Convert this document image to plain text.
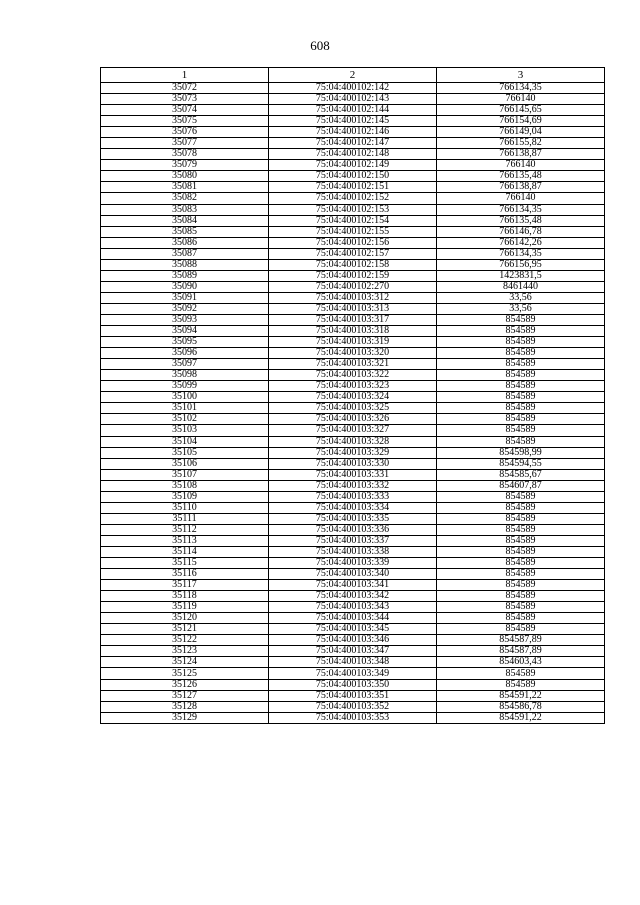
608
1	2	3
35072	75:04:400102:142	766134,35
35073	75:04:400102:143	766140
35074	75:04:400102:144	766145,65
35075	75:04:400102:145	766154,69
35076	75:04:400102:146	766149,04
35077	75:04:400102:147	766155,82
35078	75:04:400102:148	766138,87
35079	75:04:400102:149	766140
35080	75:04:400102:150	766135,48
35081	75:04:400102:151	766138,87
35082	75:04:400102:152	766140
35083	75:04:400102:153	766134,35
35084	75:04:400102:154	766135,48
35085	75:04:400102:155	766146,78
35086	75:04:400102:156	766142,26
35087	75:04:400102:157	766134,35
35088	75:04:400102:158	766156,95
35089	75:04:400102:159	1423831,5
35090	75:04:400102:270	8461440
35091	75:04:400103:312	33,56
35092	75:04:400103:313	33,56
35093	75:04:400103:317	854589
35094	75:04:400103:318	854589
35095	75:04:400103:319	854589
35096	75:04:400103:320	854589
35097	75:04:400103:321	854589
35098	75:04:400103:322	854589
35099	75:04:400103:323	854589
35100	75:04:400103:324	854589
35101	75:04:400103:325	854589
35102	75:04:400103:326	854589
35103	75:04:400103:327	854589
35104	75:04:400103:328	854589
35105	75:04:400103:329	854598,99
35106	75:04:400103:330	854594,55
35107	75:04:400103:331	854585,67
35108	75:04:400103:332	854607,87
35109	75:04:400103:333	854589
35110	75:04:400103:334	854589
35111	75:04:400103:335	854589
35112	75:04:400103:336	854589
35113	75:04:400103:337	854589
35114	75:04:400103:338	854589
35115	75:04:400103:339	854589
35116	75:04:400103:340	854589
35117	75:04:400103:341	854589
35118	75:04:400103:342	854589
35119	75:04:400103:343	854589
35120	75:04:400103:344	854589
35121	75:04:400103:345	854589
35122	75:04:400103:346	854587,89
35123	75:04:400103:347	854587,89
35124	75:04:400103:348	854603,43
35125	75:04:400103:349	854589
35126	75:04:400103:350	854589
35127	75:04:400103:351	854591,22
35128	75:04:400103:352	854586,78
35129	75:04:400103:353	854591,22
